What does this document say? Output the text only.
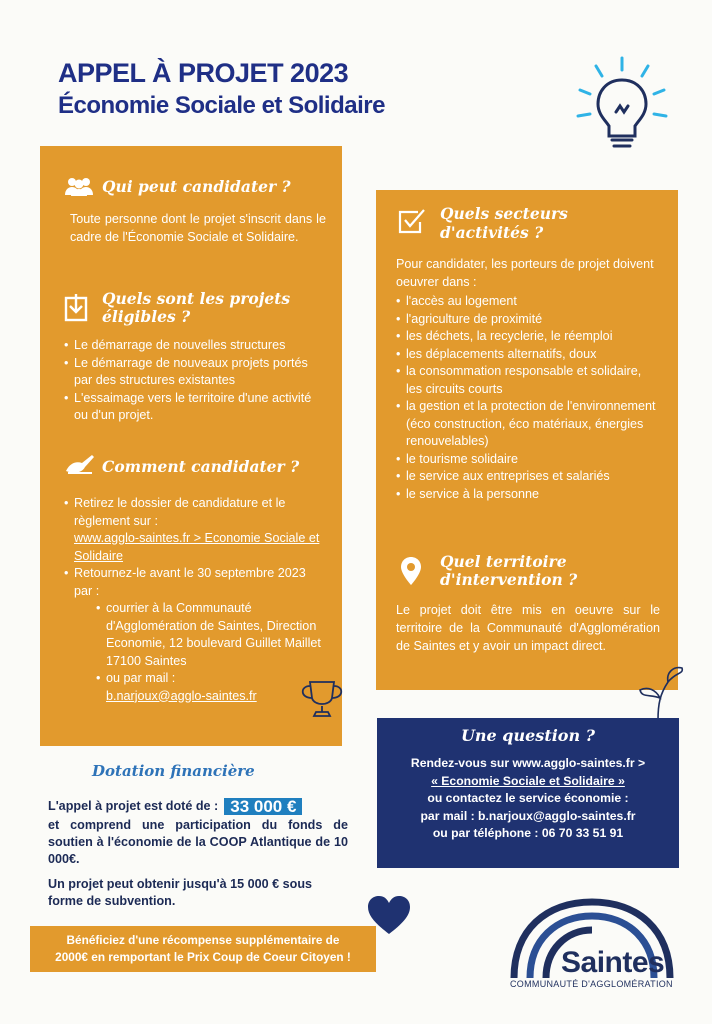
APPEL À PROJET 2023
Économie Sociale et Solidaire
Qui peut candidater ?
Toute personne dont le projet s'inscrit dans le cadre de l'Économie Sociale et Solidaire.
Quels sont les projets
éligibles ?
• Le démarrage de nouvelles structures
• Le démarrage de nouveaux projets portés par des structures existantes
• L'essaimage vers le territoire d'une activité ou d'un projet.
Comment candidater ?
• Retirez le dossier de candidature et le règlement sur :
www.agglo-saintes.fr > Economie Sociale et Solidaire
• Retournez-le avant le 30 septembre 2023 par :
• courrier à la Communauté d'Agglomération de Saintes, Direction Economie, 12 boulevard Guillet Maillet 17100 Saintes
• ou par mail :
b.narjoux@agglo-saintes.fr
Quels secteurs
d'activités ?
Pour candidater, les porteurs de projet doivent oeuvrer dans :
• l'accès au logement
• l'agriculture de proximité
• les déchets, la recyclerie, le réemploi
• les déplacements alternatifs, doux
• la consommation responsable et solidaire, les circuits courts
• la gestion et la protection de l'environnement (éco construction, éco matériaux, énergies renouvelables)
• le tourisme solidaire
• le service aux entreprises et salariés
• le service à la personne
Quel territoire
d'intervention ?
Le projet doit être mis en oeuvre sur le territoire de la Communauté d'Agglomération de Saintes et y avoir un impact direct.
Dotation financière
L'appel à projet est doté de : 33 000 €
et comprend une participation du fonds de soutien à l'économie de la COOP Atlantique de 10 000€.
Un projet peut obtenir jusqu'à 15 000 € sous forme de subvention.
Bénéficiez d'une récompense supplémentaire de
2000€ en remportant le Prix Coup de Coeur Citoyen !
Une question ?
Rendez-vous sur www.agglo-saintes.fr >
« Economie Sociale et Solidaire »
ou contactez le service économie :
par mail : b.narjoux@agglo-saintes.fr
ou par téléphone : 06 70 33 51 91
Saintes
COMMUNAUTÉ D'AGGLOMÉRATION
